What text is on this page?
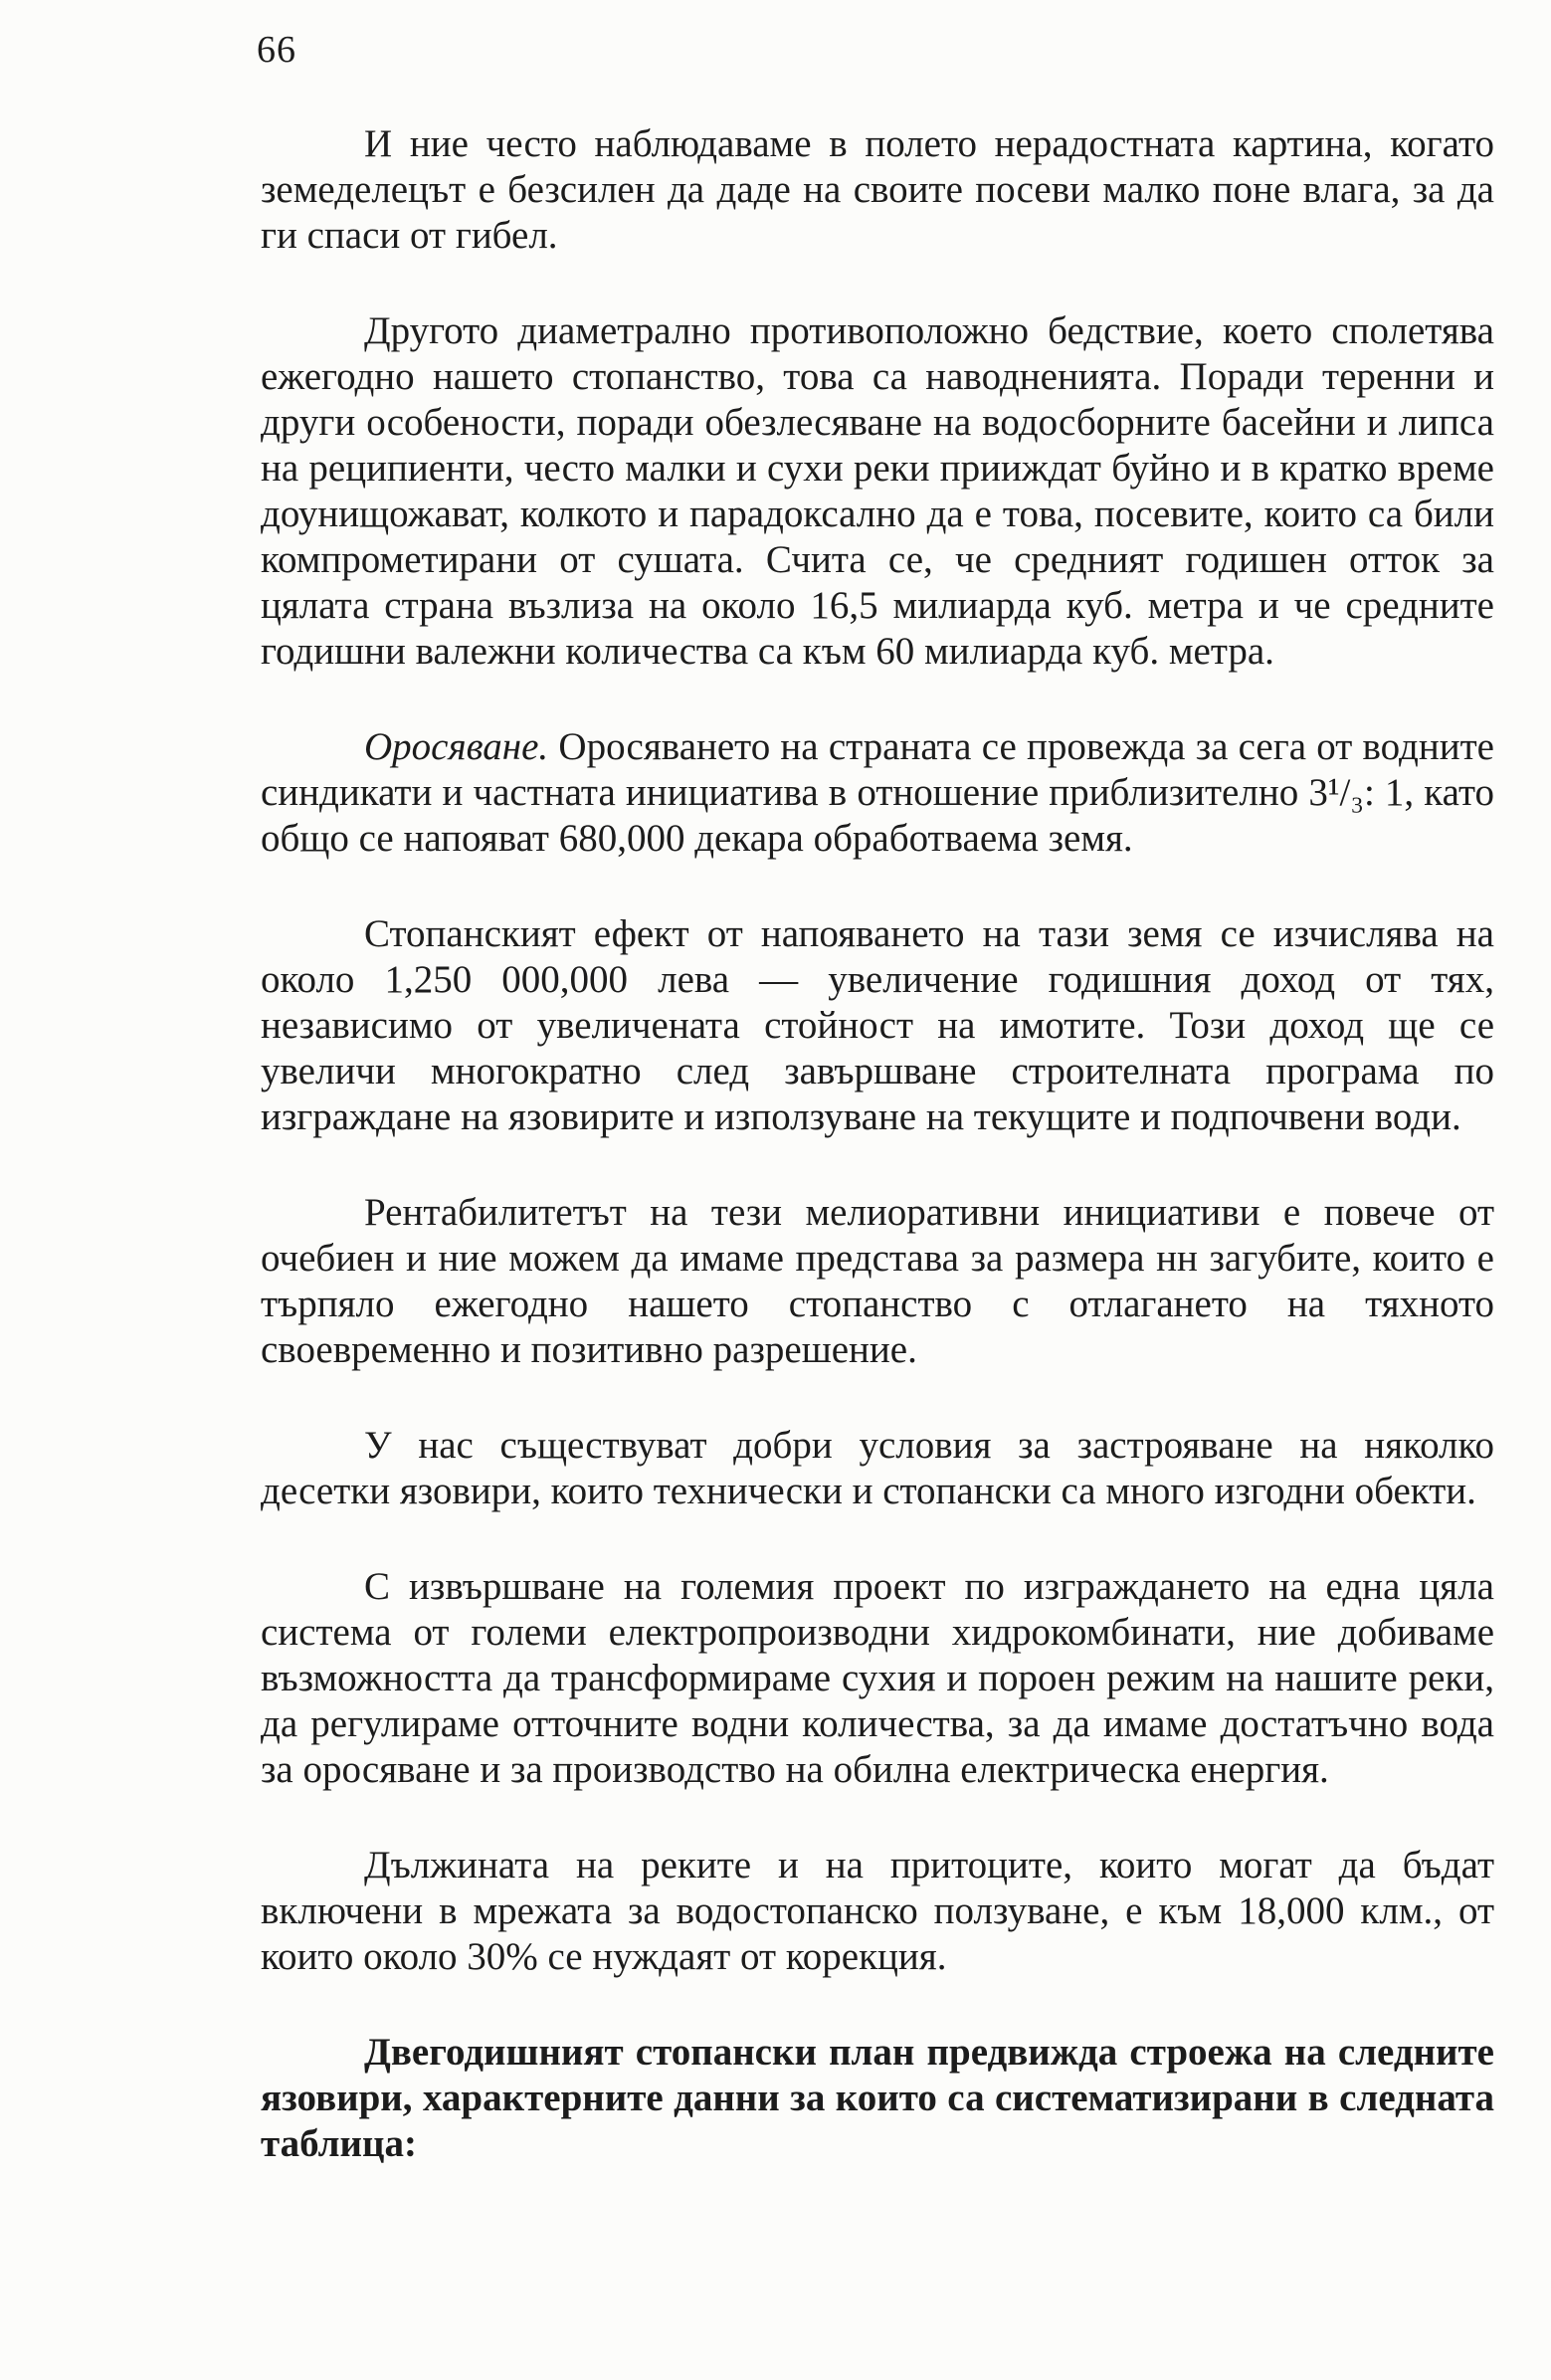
66

И ние често наблюдаваме в полето нерадостната картина, когато земеделецът е безсилен да даде на своите посеви малко поне влага, за да ги спаси от гибел.

Другото диаметрално противоположно бедствие, което сполетява ежегодно нашето стопанство, това са наводненията. Поради теренни и други особености, поради обезлесяване на водосборните басейни и липса на реципиенти, често малки и сухи реки прииждат буйно и в кратко време доунищожават, колкото и парадоксално да е това, посевите, които са били компрометирани от сушата. Счита се, че средният годишен отток за цялата страна възлиза на около 16,5 милиарда куб. метра и че средните годишни валежни количества са към 60 милиарда куб. метра.

Оросяване. Оросяването на страната се провежда за сега от водните синдикати и частната инициатива в отношение приблизително 3¹/₃: 1, като общо се напояват 680,000 декара обработваема земя.

Стопанският ефект от напояването на тази земя се изчислява на около 1,250 000,000 лева — увеличение годишния доход от тях, независимо от увеличената стойност на имотите. Този доход ще се увеличи многократно след завършване строителната програма по изграждане на язовирите и използуване на текущите и подпочвени води.

Рентабилитетът на тези мелиоративни инициативи е повече от очебиен и ние можем да имаме представа за размера нн загубите, които е търпяло ежегодно нашето стопанство с отлагането на тяхното своевременно и позитивно разрешение.

У нас съществуват добри условия за застрояване на няколко десетки язовири, които технически и стопански са много изгодни обекти.

С извършване на големия проект по изграждането на една цяла система от големи електропроизводни хидрокомбинати, ние добиваме възможността да трансформираме сухия и пороен режим на нашите реки, да регулираме отточните водни количества, за да имаме достатъчно вода за оросяване и за производство на обилна електрическа енергия.

Дължината на реките и на притоците, които могат да бъдат включени в мрежата за водостопанско ползуване, е към 18,000 клм., от които около 30% се нуждаят от корекция.

Двегодишният стопански план предвижда строежа на следните язовири, характерните данни за които са систематизирани в следната таблица:
